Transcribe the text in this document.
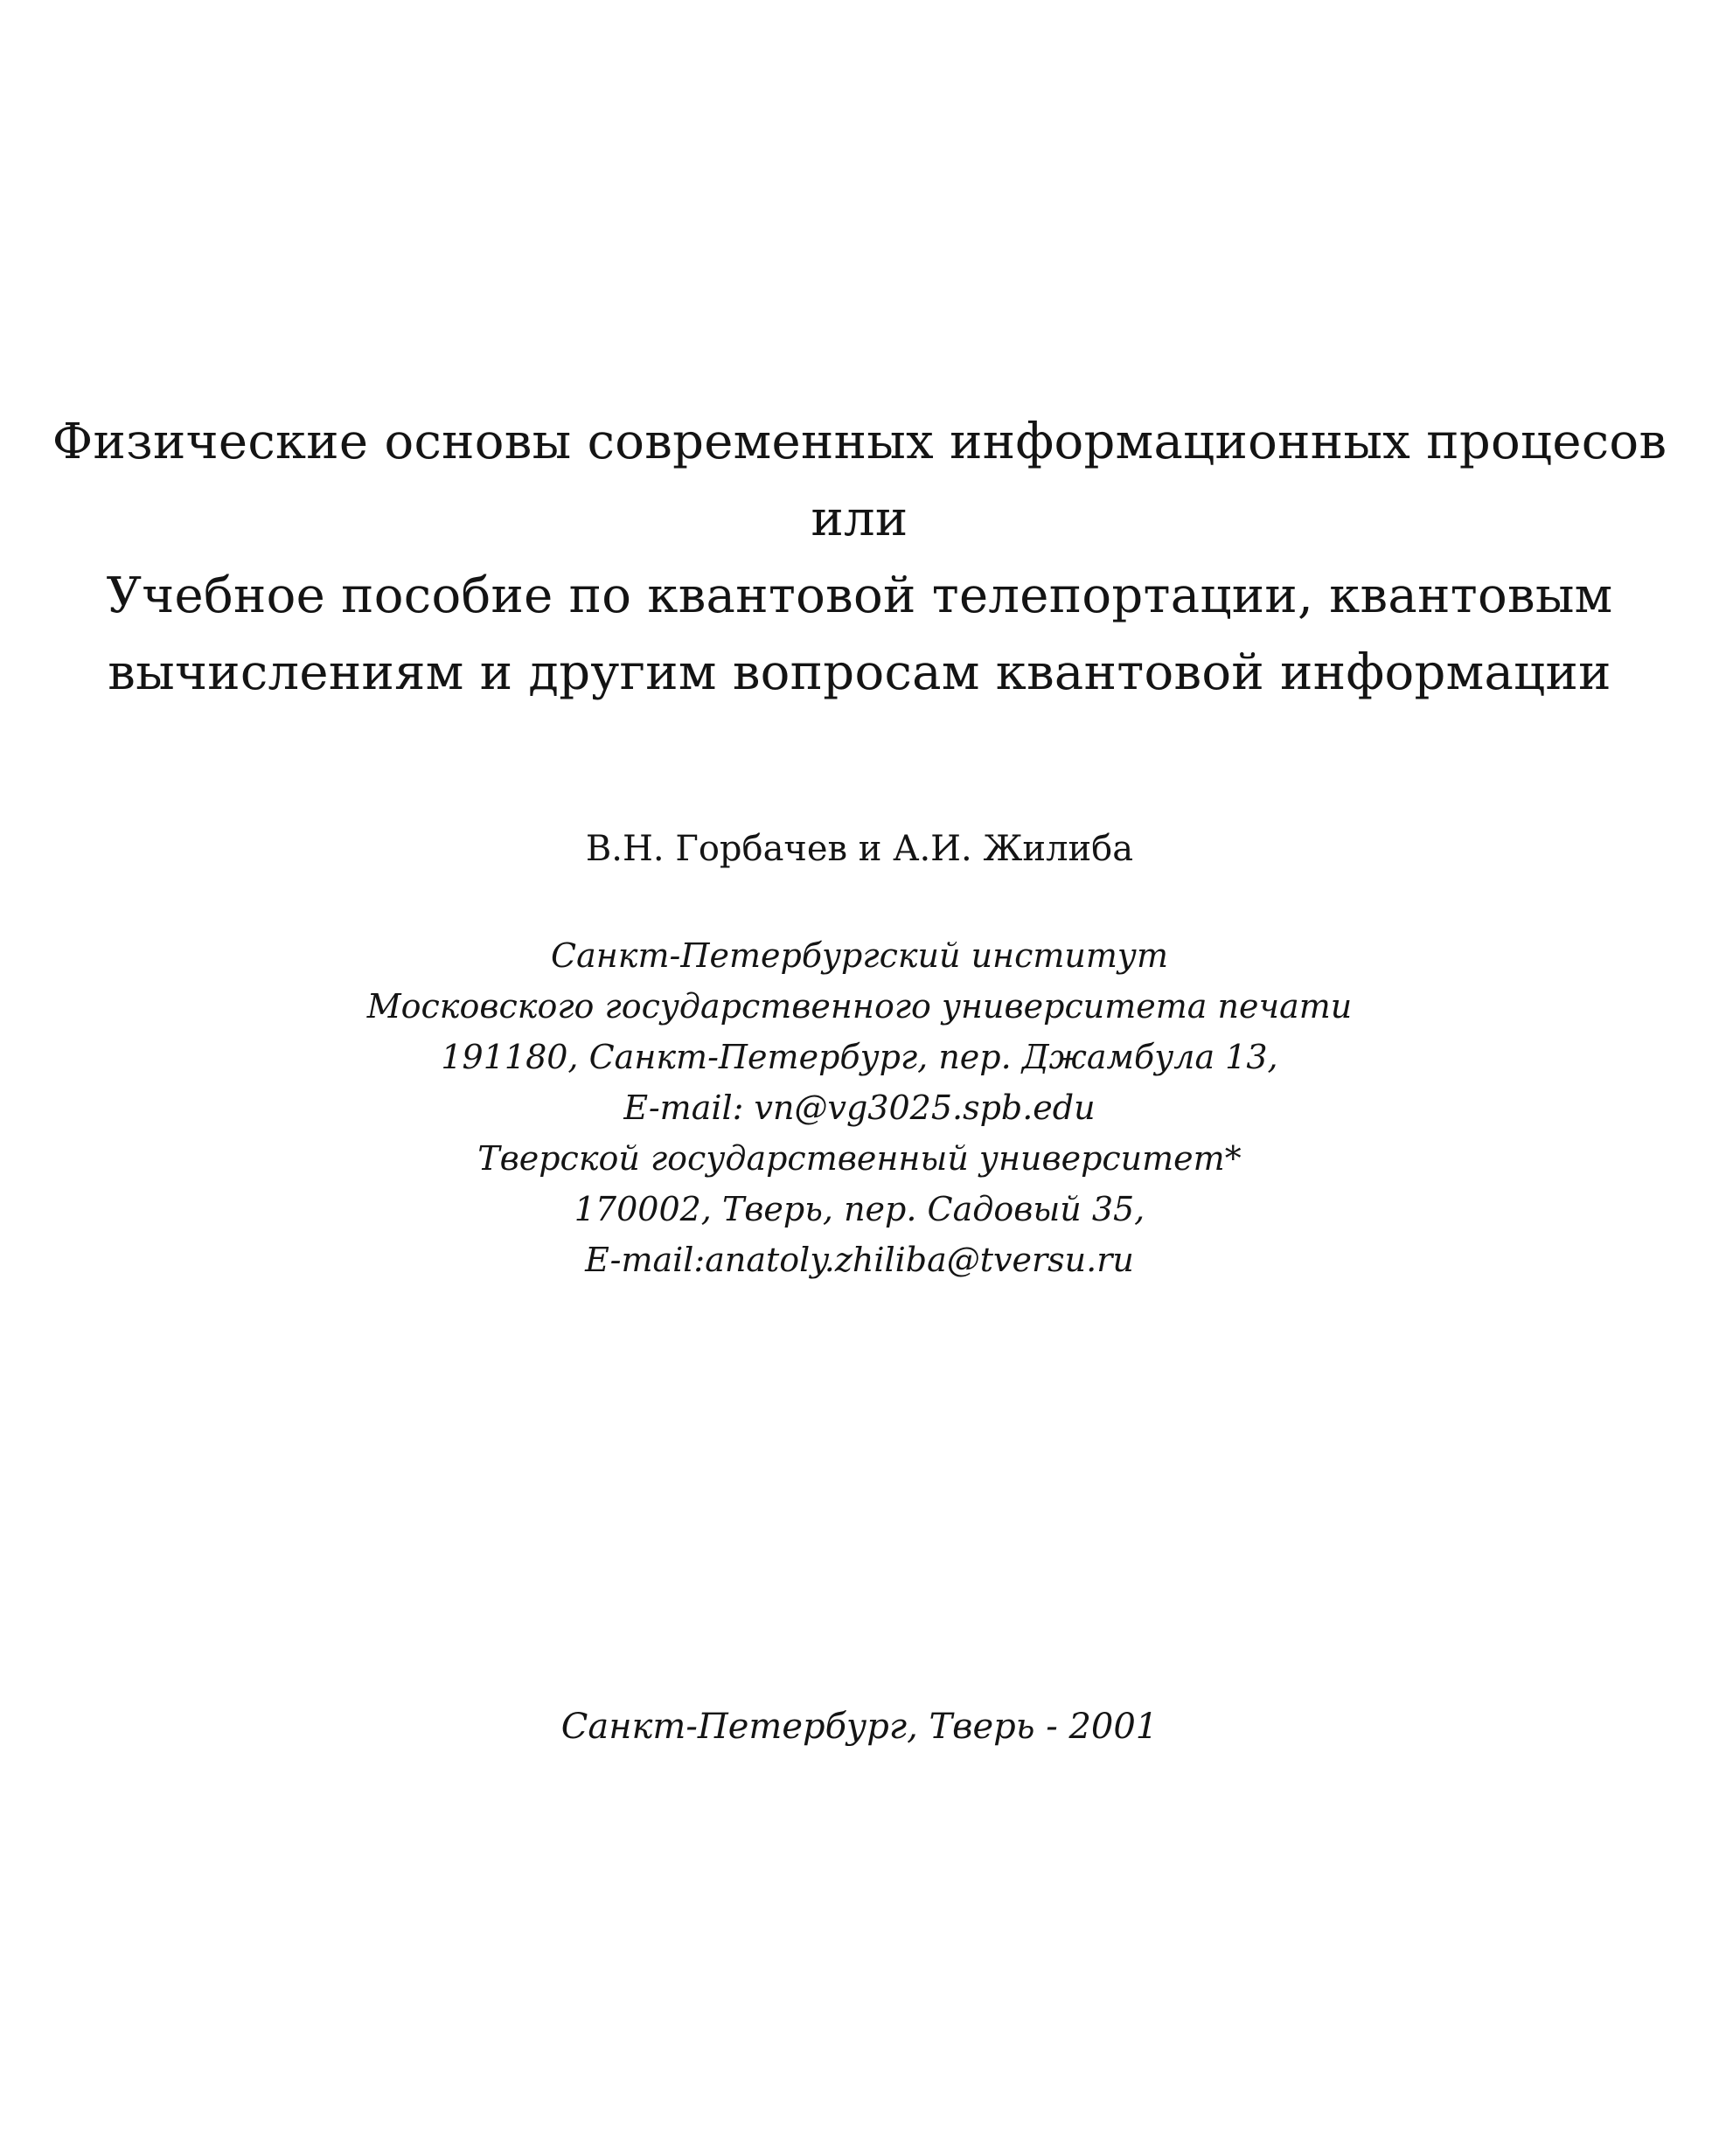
Физические основы современных информационных процесов
или
Учебное пособие по квантовой телепортации, квантовым
вычислениям и другим вопросам квантовой информации
В.Н. Горбачев и А.И. Жилиба
Санкт-Петербургский институт
Московского государственного университета печати
191180, Санкт-Петербург, пер. Джамбула 13,
E-mail: vn@vg3025.spb.edu
Тверской государственный университет*
170002, Тверь, пер. Садовый 35,
E-mail:anatoly.zhiliba@tversu.ru
Санкт-Петербург, Тверь - 2001
